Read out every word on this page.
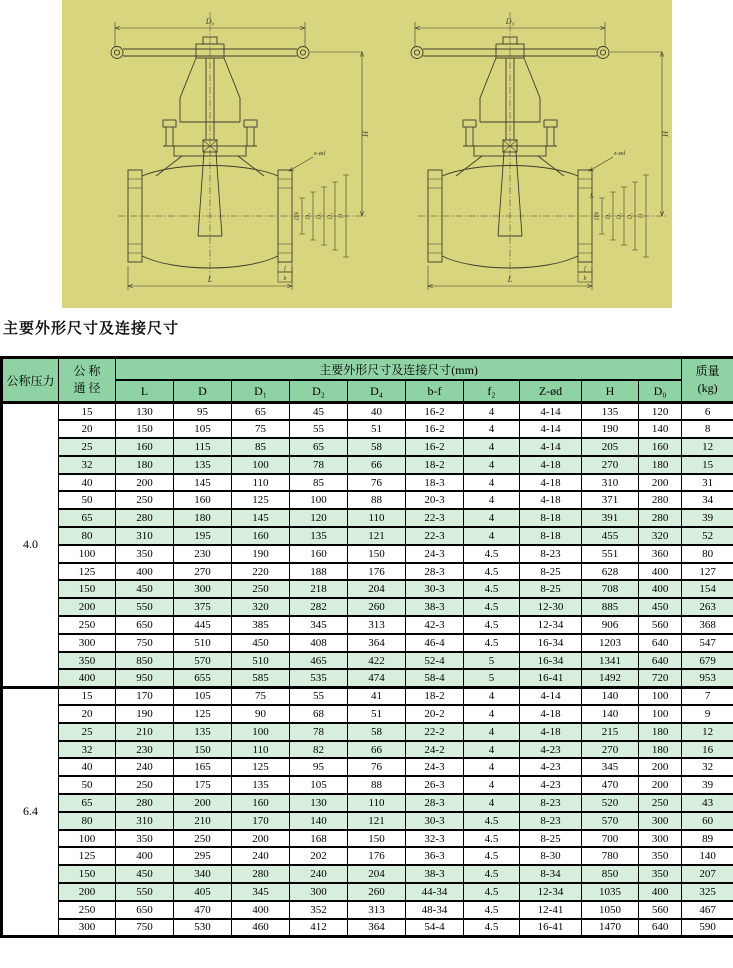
D₀
H
L
z-ød
DN D₄ D₂ D₁ D
f
b
D₀
H
L
z-ød
f₂
DN D₄ D₂ D₁ D
f
b
主要外形尺寸及连接尺寸
公称压力	
公 称
通 径
	主要外形尺寸及连接尺寸(mm)	质量
(kg)

		L	D	D₁	D₂	D₄	b-f	f₂	Z-ød	H	D₀	
4.0	15	130	95	65	45	40	16-2	4	4-14	135	120	6
	20	150	105	75	55	51	16-2	4	4-14	190	140	8
	25	160	115	85	65	58	16-2	4	4-14	205	160	12
	32	180	135	100	78	66	18-2	4	4-18	270	180	15
	40	200	145	110	85	76	18-3	4	4-18	310	200	31
	50	250	160	125	100	88	20-3	4	4-18	371	280	34
	65	280	180	145	120	110	22-3	4	8-18	391	280	39
	80	310	195	160	135	121	22-3	4	8-18	455	320	52
	100	350	230	190	160	150	24-3	4.5	8-23	551	360	80
	125	400	270	220	188	176	28-3	4.5	8-25	628	400	127
	150	450	300	250	218	204	30-3	4.5	8-25	708	400	154
	200	550	375	320	282	260	38-3	4.5	12-30	885	450	263
	250	650	445	385	345	313	42-3	4.5	12-34	906	560	368
	300	750	510	450	408	364	46-4	4.5	16-34	1203	640	547
	350	850	570	510	465	422	52-4	5	16-34	1341	640	679
	400	950	655	585	535	474	58-4	5	16-41	1492	720	953
6.4	15	170	105	75	55	41	18-2	4	4-14	140	100	7
	20	190	125	90	68	51	20-2	4	4-18	140	100	9
	25	210	135	100	78	58	22-2	4	4-18	215	180	12
	32	230	150	110	82	66	24-2	4	4-23	270	180	16
	40	240	165	125	95	76	24-3	4	4-23	345	200	32
	50	250	175	135	105	88	26-3	4	4-23	470	200	39
	65	280	200	160	130	110	28-3	4	8-23	520	250	43
	80	310	210	170	140	121	30-3	4.5	8-23	570	300	60
	100	350	250	200	168	150	32-3	4.5	8-25	700	300	89
	125	400	295	240	202	176	36-3	4.5	8-30	780	350	140
	150	450	340	280	240	204	38-3	4.5	8-34	850	350	207
	200	550	405	345	300	260	44-34	4.5	12-34	1035	400	325
	250	650	470	400	352	313	48-34	4.5	12-41	1050	560	467
	300	750	530	460	412	364	54-4	4.5	16-41	1470	640	590
